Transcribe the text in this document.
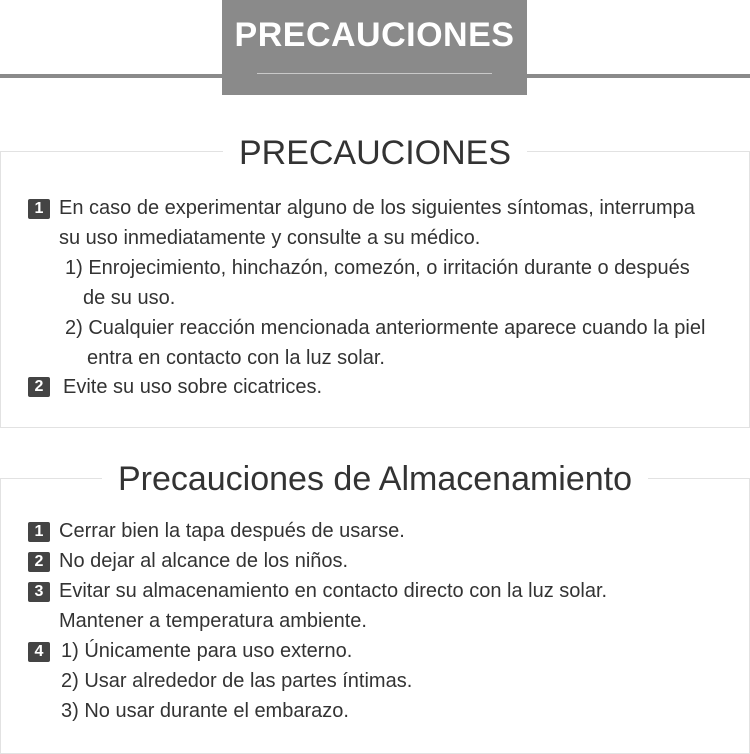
PRECAUCIONES
PRECAUCIONES
1 En caso de experimentar alguno de los siguientes síntomas, interrumpa
su uso inmediatamente y consulte a su médico.
1) Enrojecimiento, hinchazón, comezón, o irritación durante o después
de su uso.
2) Cualquier reacción mencionada anteriormente aparece cuando la piel
entra en contacto con la luz solar.
2 Evite su uso sobre cicatrices.
Precauciones de Almacenamiento
1 Cerrar bien la tapa después de usarse.
2 No dejar al alcance de los niños.
3 Evitar su almacenamiento en contacto directo con la luz solar.
Mantener a temperatura ambiente.
4 1) Únicamente para uso externo.
2) Usar alrededor de las partes íntimas.
3) No usar durante el embarazo.
